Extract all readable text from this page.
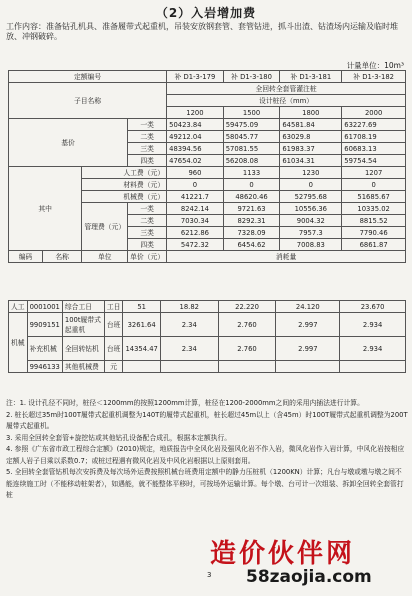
（2）入岩增加费
工作内容：准备钻孔机具、准备履带式起重机，吊装安放钢套管、套管钻进，抓斗出渣、钻渣场内运输及临时堆放、冲钢破碎。
计量单位：10m³
定额编号				补 D1-3-179	补 D1-3-180	补 D1-3-181	补 D1-3-182
子目名称				全回转全套管灌注桩			
				设计桩径（mm）			
				1200	1500	1800	2000
基价			一类	50423.84	59475.09	64581.84	63227.69
			二类	49212.04	58045.77	63029.8	61708.19
			三类	48394.56	57081.55	61983.37	60683.13
			四类	47654.02	56208.08	61034.31	59754.54
其中		人工费（元）		960	1133	1230	1207
		材料费（元）		0	0	0	0
		机械费（元）		41221.7	48620.46	52795.68	51685.67
		管理费（元）	一类	8242.14	9721.63	10556.36	10335.02
			二类	7030.34	8292.31	9004.32	8815.52
			三类	6212.86	7328.09	7957.3	7790.46
			四类	5472.32	6454.62	7008.83	6861.87
编码	名称	单位	单价（元）	消耗量			
人工	0001001	综合工日	工日	51	18.82	22.220	24.120	23.670
机械	9909151	100t履带式起重机	台班	3261.64	2.34	2.760	2.997	2.934
	补充机械	全回转钻机	台班	14354.47	2.34	2.760	2.997	2.934
	9946133	其他机械费	元					
注：1. 设计孔径不同时，桩径＜1200mm的按照1200mm计算，桩径在1200-2000mm之间的采用内插法进行计算。
2. 桩长超过35m时100T履带式起重机调整为140T的履带式起重机，桩长超过45m以上（含45m）时100T履带式起重机调整为200T履带式起重机。
3. 采用全回转全套管+旋挖钻或其他钻孔设备配合成孔，根据本定额执行。
4. 参照《广东省市政工程综合定额》(2010)规定，地质报告中全风化岩及强风化岩不作入岩，微风化岩作入岩计算，中风化岩按相应定额人岩子目乘以系数0.7；或桩过程遇有微风化岩及中风化岩根据以上原则套用。
5. 全回转全套管钻机每次安拆费及每次场外运费按照机械台班费用定额中的静力压桩机（1200KN）计算；凡台与墩或墩与墩之间不能连续施工时（不能移动桩架者），如遇能，就不能整体平移时，可按场外运输计算。每个墩、台可计一次组装、拆卸全回转全套管打桩
造价伙伴网
3 58zaojia.com
